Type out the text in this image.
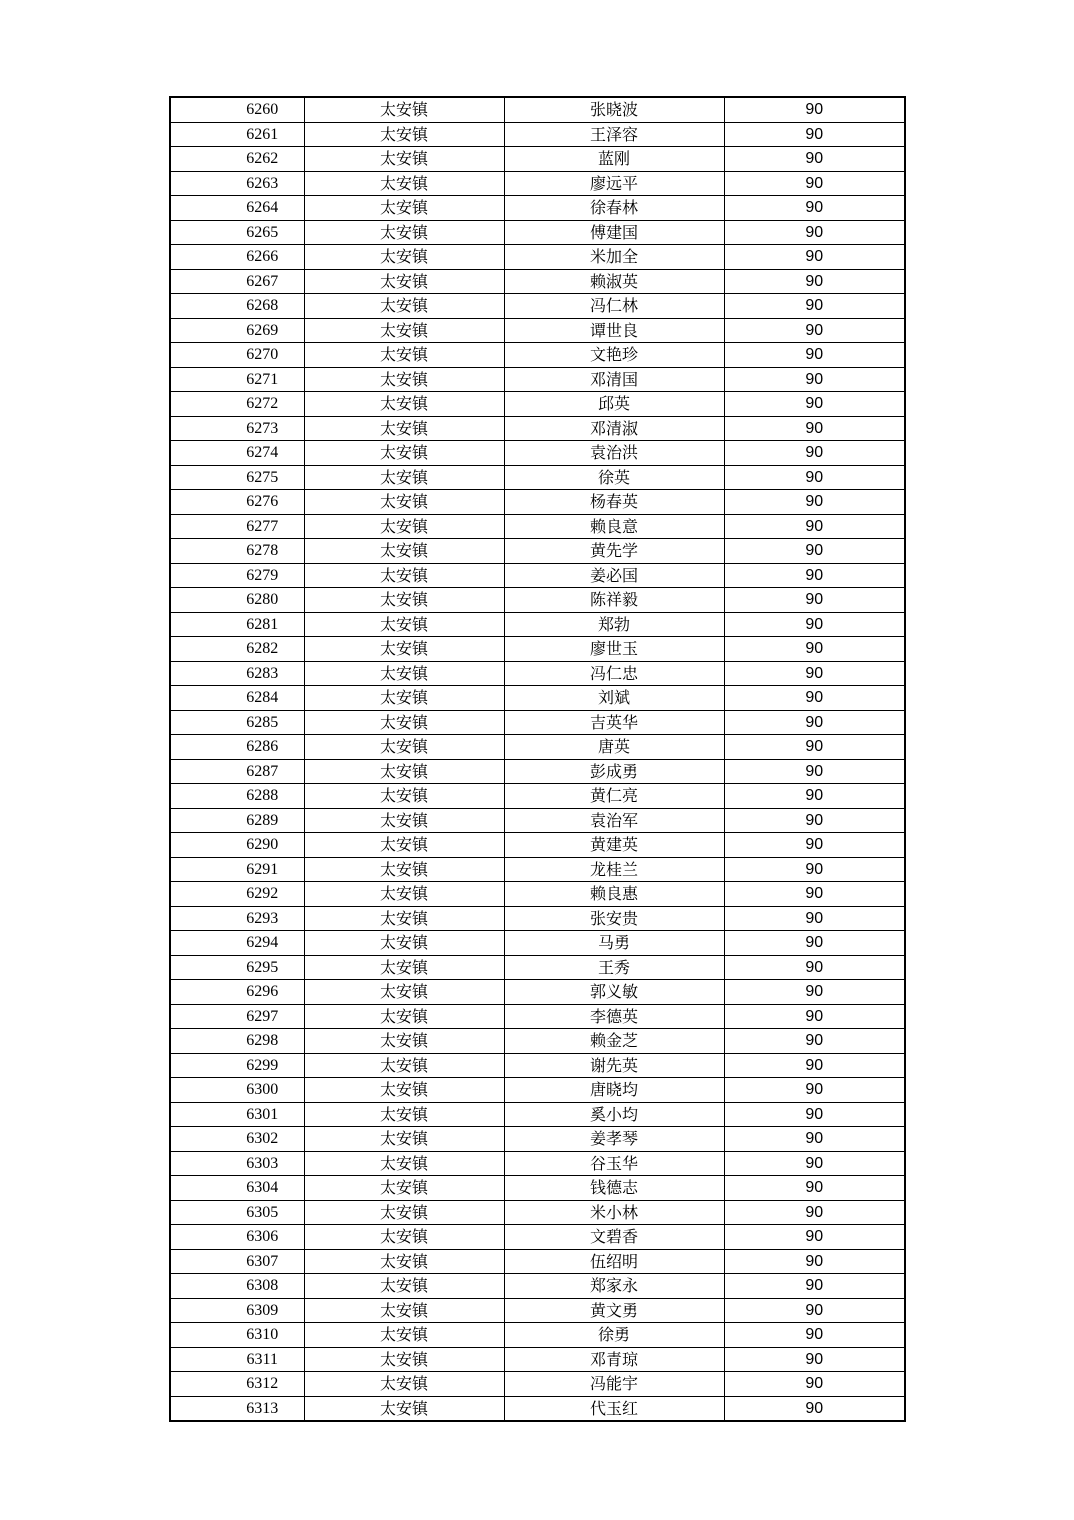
6260	太安镇	张晓波	90
6261	太安镇	王泽容	90
6262	太安镇	蓝刚	90
6263	太安镇	廖远平	90
6264	太安镇	徐春林	90
6265	太安镇	傅建国	90
6266	太安镇	米加全	90
6267	太安镇	赖淑英	90
6268	太安镇	冯仁林	90
6269	太安镇	谭世良	90
6270	太安镇	文艳珍	90
6271	太安镇	邓清国	90
6272	太安镇	邱英	90
6273	太安镇	邓清淑	90
6274	太安镇	袁治洪	90
6275	太安镇	徐英	90
6276	太安镇	杨春英	90
6277	太安镇	赖良意	90
6278	太安镇	黄先学	90
6279	太安镇	姜必国	90
6280	太安镇	陈祥毅	90
6281	太安镇	郑勃	90
6282	太安镇	廖世玉	90
6283	太安镇	冯仁忠	90
6284	太安镇	刘斌	90
6285	太安镇	吉英华	90
6286	太安镇	唐英	90
6287	太安镇	彭成勇	90
6288	太安镇	黄仁亮	90
6289	太安镇	袁治军	90
6290	太安镇	黄建英	90
6291	太安镇	龙桂兰	90
6292	太安镇	赖良惠	90
6293	太安镇	张安贵	90
6294	太安镇	马勇	90
6295	太安镇	王秀	90
6296	太安镇	郭义敏	90
6297	太安镇	李德英	90
6298	太安镇	赖金芝	90
6299	太安镇	谢先英	90
6300	太安镇	唐晓均	90
6301	太安镇	奚小均	90
6302	太安镇	姜孝琴	90
6303	太安镇	谷玉华	90
6304	太安镇	钱德志	90
6305	太安镇	米小林	90
6306	太安镇	文碧香	90
6307	太安镇	伍绍明	90
6308	太安镇	郑家永	90
6309	太安镇	黄文勇	90
6310	太安镇	徐勇	90
6311	太安镇	邓青琼	90
6312	太安镇	冯能宇	90
6313	太安镇	代玉红	90
